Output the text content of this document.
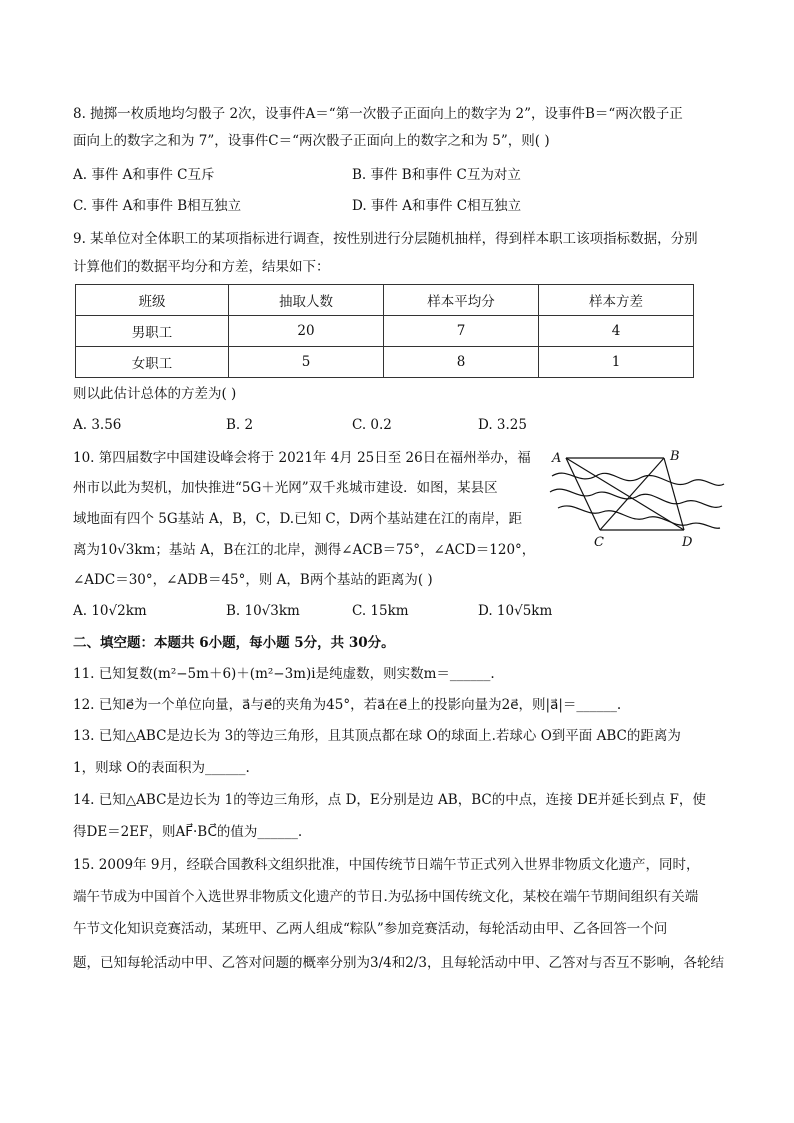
8. 抛掷一枚质地均匀骰子 2次，设事件A＝“第一次骰子正面向上的数字为 2”，设事件B＝“两次骰子正
面向上的数字之和为 7”，设事件C＝“两次骰子正面向上的数字之和为 5”，则( )
A. 事件 A和事件 C互斥	B. 事件 B和事件 C互为对立
C. 事件 A和事件 B相互独立	D. 事件 A和事件 C相互独立
9. 某单位对全体职工的某项指标进行调查，按性别进行分层随机抽样，得到样本职工该项指标数据，分别
计算他们的数据平均分和方差，结果如下：
班级	抽取人数	样本平均分	样本方差
男职工	20	7	4
女职工	5	8	1
则以此估计总体的方差为( )
A. 3.56	B. 2	C. 0.2	D. 3.25
10. 第四届数字中国建设峰会将于 2021年 4月 25日至 26日在福州举办，福
州市以此为契机，加快推进“5G＋光网”双千兆城市建设．如图，某县区
域地面有四个 5G基站 A，B，C，D.已知 C，D两个基站建在江的南岸，距
离为10√3km；基站 A，B在江的北岸，测得∠ACB＝75°，∠ACD＝120°，
∠ADC＝30°，∠ADB＝45°，则 A，B两个基站的距离为( )
A	B
C	D
A. 10√2km	B. 10√3km	C. 15km	D. 10√5km
二、填空题：本题共 6小题，每小题 5分，共 30分。
11. 已知复数(m²−5m＋6)＋(m²−3m)i是纯虚数，则实数m＝______.
12. 已知e⃗为一个单位向量，a⃗与e⃗的夹角为45°，若a⃗在e⃗上的投影向量为2e⃗，则|a⃗|＝______.
13. 已知△ABC是边长为 3的等边三角形，且其顶点都在球 O的球面上.若球心 O到平面 ABC的距离为
1，则球 O的表面积为______.
14. 已知△ABC是边长为 1的等边三角形，点 D，E分别是边 AB，BC的中点，连接 DE并延长到点 F，使
得DE＝2EF，则AF⃗·BC⃗的值为______.
15. 2009年 9月，经联合国教科文组织批准，中国传统节日端午节正式列入世界非物质文化遗产，同时，
端午节成为中国首个入选世界非物质文化遗产的节日.为弘扬中国传统文化，某校在端午节期间组织有关端
午节文化知识竞赛活动，某班甲、乙两人组成“粽队”参加竞赛活动，每轮活动由甲、乙各回答一个问
题，已知每轮活动中甲、乙答对问题的概率分别为3/4和2/3，且每轮活动中甲、乙答对与否互不影响，各轮结
